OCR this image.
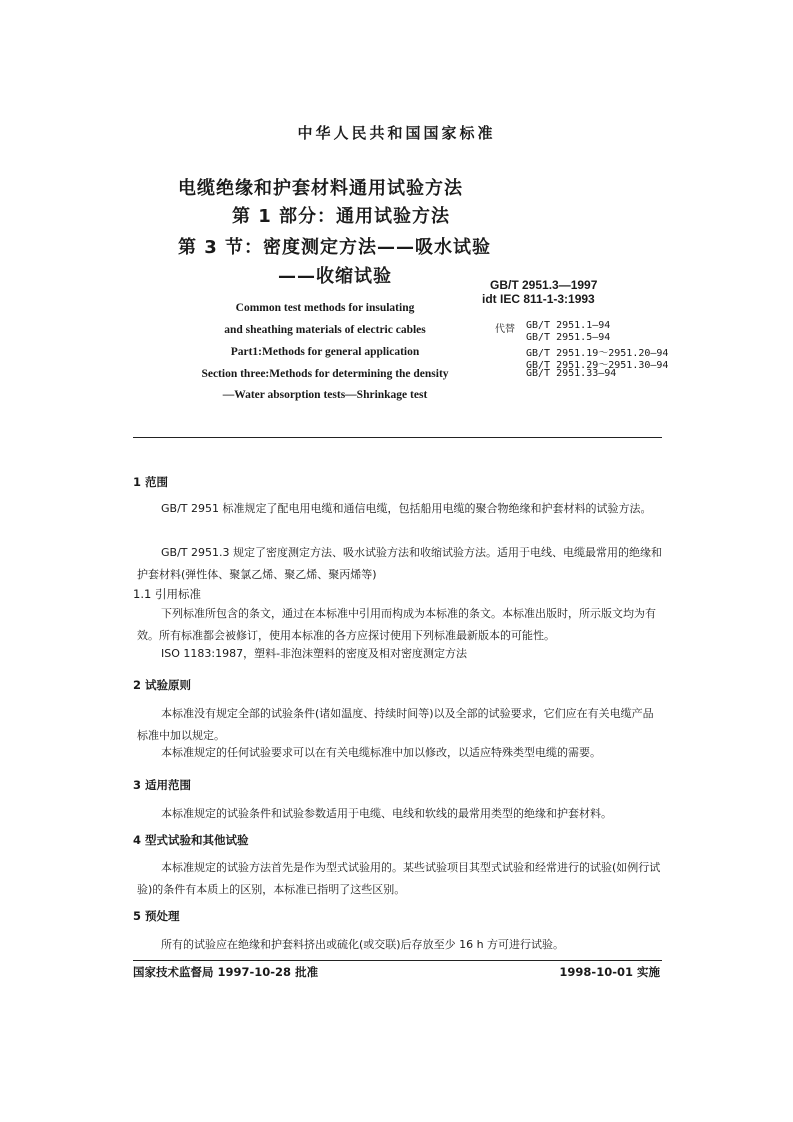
中华人民共和国国家标准
电缆绝缘和护套材料通用试验方法
第 1 部分：通用试验方法
第 3 节：密度测定方法——吸水试验
——收缩试验	GB/T 2951.3—1997
idt IEC 811-1-3:1993
Common test methods for insulating
and sheathing materials of electric cables
Part1:Methods for general application
Section three:Methods for determining the density
—Water absorption tests—Shrinkage test
代替 GB/T 2951.1—94
GB/T 2951.5—94
GB/T 2951.19～2951.20—94
GB/T 2951.29～2951.30—94
GB/T 2951.33—94
1 范围
GB/T 2951 标准规定了配电用电缆和通信电缆，包括船用电缆的聚合物绝缘和护套材料的试验方法。
GB/T 2951.3 规定了密度测定方法、吸水试验方法和收缩试验方法。适用于电线、电缆最常用的绝缘和护套材料(弹性体、聚氯乙烯、聚乙烯、聚丙烯等)
1.1 引用标准
下列标准所包含的条文，通过在本标准中引用而构成为本标准的条文。本标准出版时，所示版文均为有效。所有标准都会被修订，使用本标准的各方应探讨使用下列标准最新版本的可能性。
ISO 1183:1987，塑料-非泡沫塑料的密度及相对密度测定方法
2 试验原则
本标准没有规定全部的试验条件(诸如温度、持续时间等)以及全部的试验要求，它们应在有关电缆产品标准中加以规定。
本标准规定的任何试验要求可以在有关电缆标准中加以修改，以适应特殊类型电缆的需要。
3 适用范围
本标准规定的试验条件和试验参数适用于电缆、电线和软线的最常用类型的绝缘和护套材料。
4 型式试验和其他试验
本标准规定的试验方法首先是作为型式试验用的。某些试验项目其型式试验和经常进行的试验(如例行试验)的条件有本质上的区别，本标准已指明了这些区别。
5 预处理
所有的试验应在绝缘和护套料挤出或硫化(或交联)后存放至少 16 h 方可进行试验。
国家技术监督局 1997-10-28 批准	1998-10-01 实施
